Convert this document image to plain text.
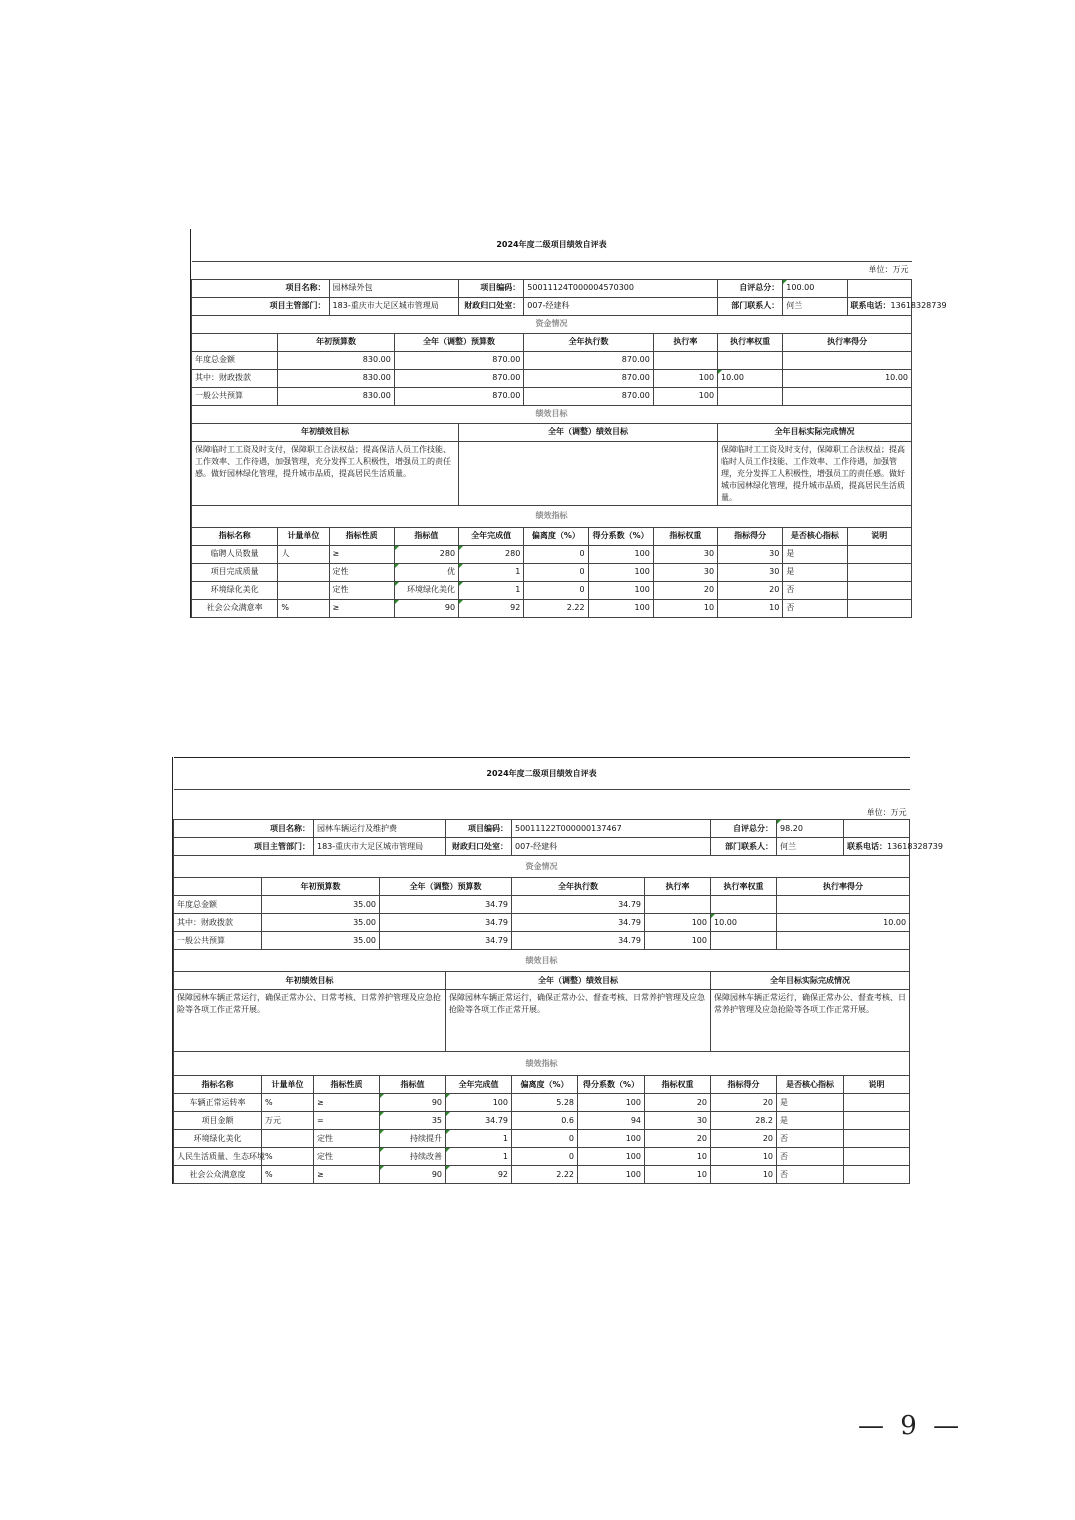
2024年度二级项目绩效自评表										
单位：万元										
项目名称：		园林绿外包		项目编码：	50011124T000004570300			自评总分：	100.00	
项目主管部门：		183-重庆市大足区城市管理局		财政归口处室：	007-经建科			部门联系人：	何兰	联系电话：13618328739
资金情况										
	年初预算数		全年（调整）预算数		全年执行数		执行率	执行率权重	执行率得分	
年度总金额	830.00		870.00		870.00					
其中：财政拨款	830.00		870.00		870.00		100	10.00	10.00	
一般公共预算	830.00		870.00		870.00		100			
绩效目标										
年初绩效目标				全年（调整）绩效目标				全年目标实际完成情况		
保障临时工工资及时支付，保障职工合法权益；提高保洁人员工作技能、工作效率、工作待遇，加强管理，充分发挥工人积极性，增强员工的责任感。做好园林绿化管理，提升城市品质，提高居民生活质量。								保障临时工工资及时支付，保障职工合法权益；提高临时人员工作技能、工作效率、工作待遇，加强管理，充分发挥工人积极性，增强员工的责任感。做好城市园林绿化管理，提升城市品质，提高居民生活质量。		
绩效指标										
指标名称	计量单位	指标性质	指标值	全年完成值	偏离度（%）	得分系数（%）	指标权重	指标得分	是否核心指标	说明
临聘人员数量	人	≥	280	280	0	100	30	30	是	
项目完成质量		定性	优	1	0	100	30	30	是	
环境绿化美化		定性	环境绿化美化	1	0	100	20	20	否	
社会公众满意率	%	≥	90	92	2.22	100	10	10	否	
2024年度二级项目绩效自评表										
单位：万元										
项目名称：		园林车辆运行及维护费		项目编码：	50011122T000000137467			自评总分：	98.20	
项目主管部门：		183-重庆市大足区城市管理局		财政归口处室：	007-经建科			部门联系人：	何兰	联系电话：13618328739
资金情况										
	年初预算数		全年（调整）预算数		全年执行数		执行率	执行率权重	执行率得分	
年度总金额	35.00		34.79		34.79					
其中：财政拨款	35.00		34.79		34.79		100	10.00	10.00	
一般公共预算	35.00		34.79		34.79		100			
绩效目标										
年初绩效目标				全年（调整）绩效目标				全年目标实际完成情况		
保障园林车辆正常运行，确保正常办公、日常考核、日常养护管理及应急抢险等各项工作正常开展。				保障园林车辆正常运行，确保正常办公、督查考核、日常养护管理及应急抢险等各项工作正常开展。				保障园林车辆正常运行，确保正常办公、督查考核、日常养护管理及应急抢险等各项工作正常开展。		
绩效指标										
指标名称	计量单位	指标性质	指标值	全年完成值	偏离度（%）	得分系数（%）	指标权重	指标得分	是否核心指标	说明
车辆正常运转率	%	≥	90	100	5.28	100	20	20	是	
项目金额	万元	=	35	34.79	0.6	94	30	28.2	是	
环境绿化美化		定性	持续提升	1	0	100	20	20	否	
人民生活质量、生态环境	%	定性	持续改善	1	0	100	10	10	否	
社会公众满意度	%	≥	90	92	2.22	100	10	10	否	
— 9 —
